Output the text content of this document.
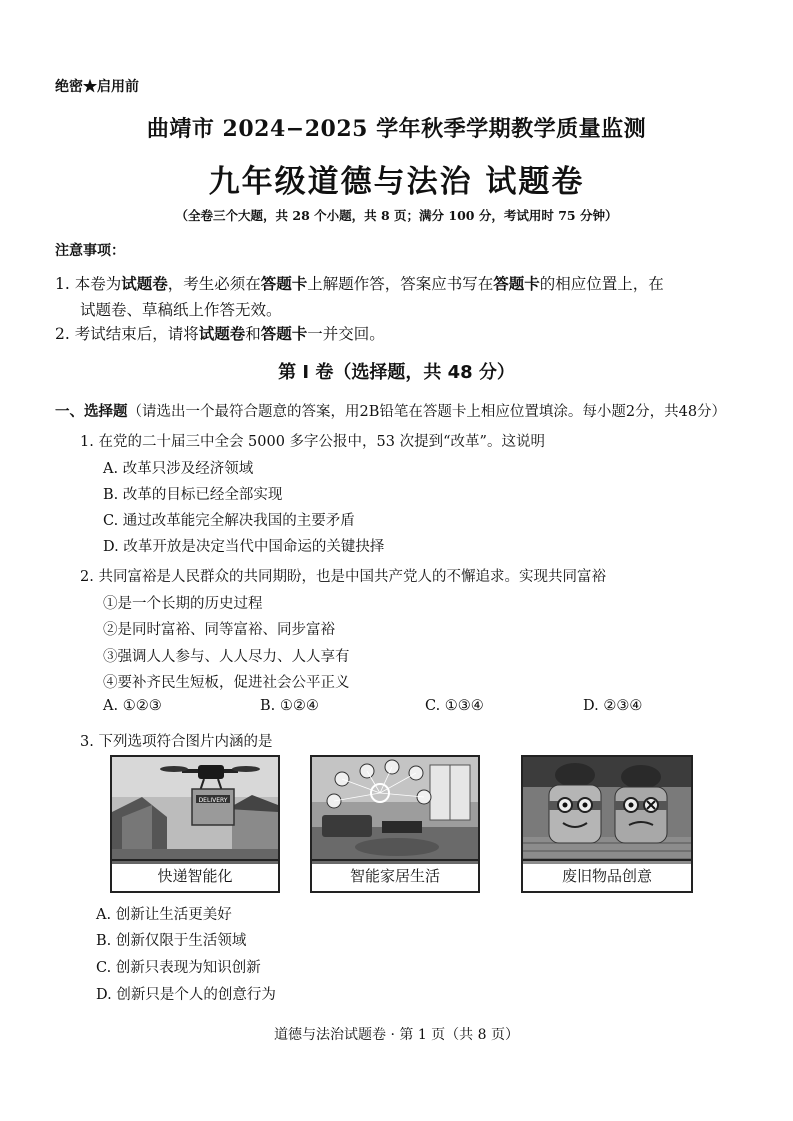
绝密★启用前
曲靖市 2024−2025 学年秋季学期教学质量监测
九年级道德与法治 试题卷
（全卷三个大题，共 28 个小题，共 8 页；满分 100 分，考试用时 75 分钟）
注意事项：
1. 本卷为试题卷，考生必须在答题卡上解题作答，答案应书写在答题卡的相应位置上，在
试题卷、草稿纸上作答无效。
2. 考试结束后，请将试题卷和答题卡一并交回。
第 I 卷（选择题，共 48 分）
一、选择题（请选出一个最符合题意的答案，用2B铅笔在答题卡上相应位置填涂。每小题2分，共48分）
1. 在党的二十届三中全会 5000 多字公报中，53 次提到“改革”。这说明
A. 改革只涉及经济领域
B. 改革的目标已经全部实现
C. 通过改革能完全解决我国的主要矛盾
D. 改革开放是决定当代中国命运的关键抉择
2. 共同富裕是人民群众的共同期盼，也是中国共产党人的不懈追求。实现共同富裕
①是一个长期的历史过程
②是同时富裕、同等富裕、同步富裕
③强调人人参与、人人尽力、人人享有
④要补齐民生短板，促进社会公平正义
A. ①②③	B. ①②④	C. ①③④	D. ②③④
3. 下列选项符合图片内涵的是
DELIVERY
快递智能化	智能家居生活	废旧物品创意
A. 创新让生活更美好
B. 创新仅限于生活领域
C. 创新只表现为知识创新
D. 创新只是个人的创意行为
道德与法治试题卷 · 第 1 页（共 8 页）
